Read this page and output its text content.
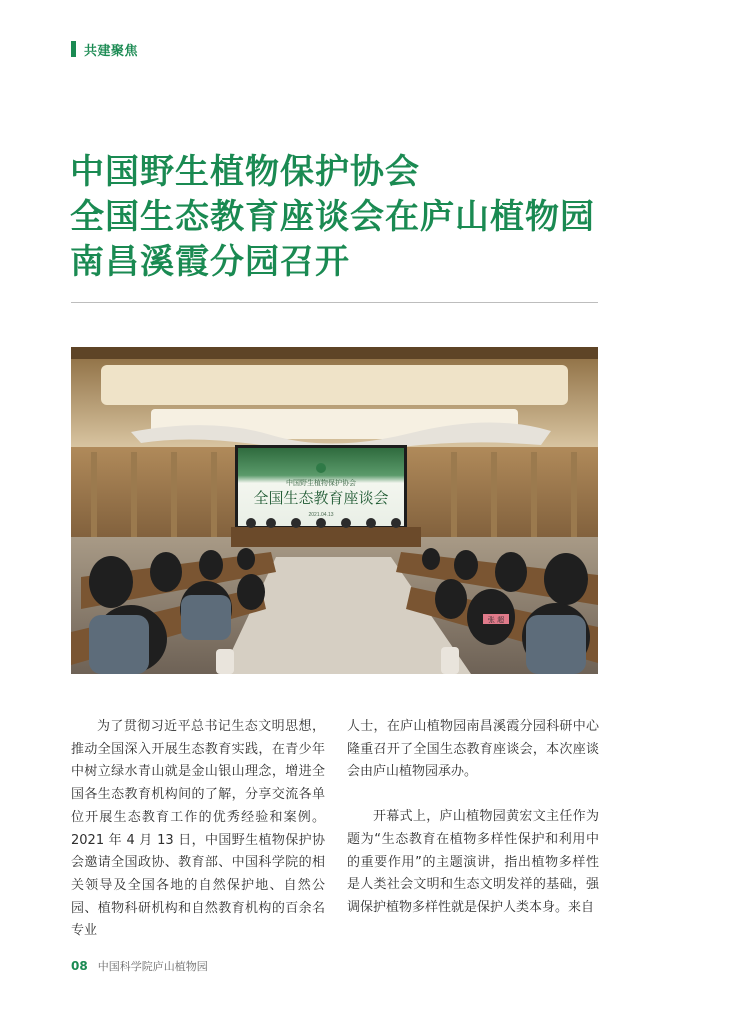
共建聚焦
中国野生植物保护协会
全国生态教育座谈会在庐山植物园
南昌溪霞分园召开
中国野生植物保护协会
全国生态教育座谈会
2021.04.13
张 超
为了贯彻习近平总书记生态文明思想，推动全国深入开展生态教育实践，在青少年中树立绿水青山就是金山银山理念，增进全国各生态教育机构间的了解，分享交流各单位开展生态教育工作的优秀经验和案例。2021 年 4 月 13 日，中国野生植物保护协会邀请全国政协、教育部、中国科学院的相关领导及全国各地的自然保护地、自然公园、植物科研机构和自然教育机构的百余名专业
人士，在庐山植物园南昌溪霞分园科研中心隆重召开了全国生态教育座谈会，本次座谈会由庐山植物园承办。
开幕式上，庐山植物园黄宏文主任作为题为“生态教育在植物多样性保护和利用中的重要作用”的主题演讲，指出植物多样性是人类社会文明和生态文明发祥的基础，强调保护植物多样性就是保护人类本身。来自
08 中国科学院庐山植物园
